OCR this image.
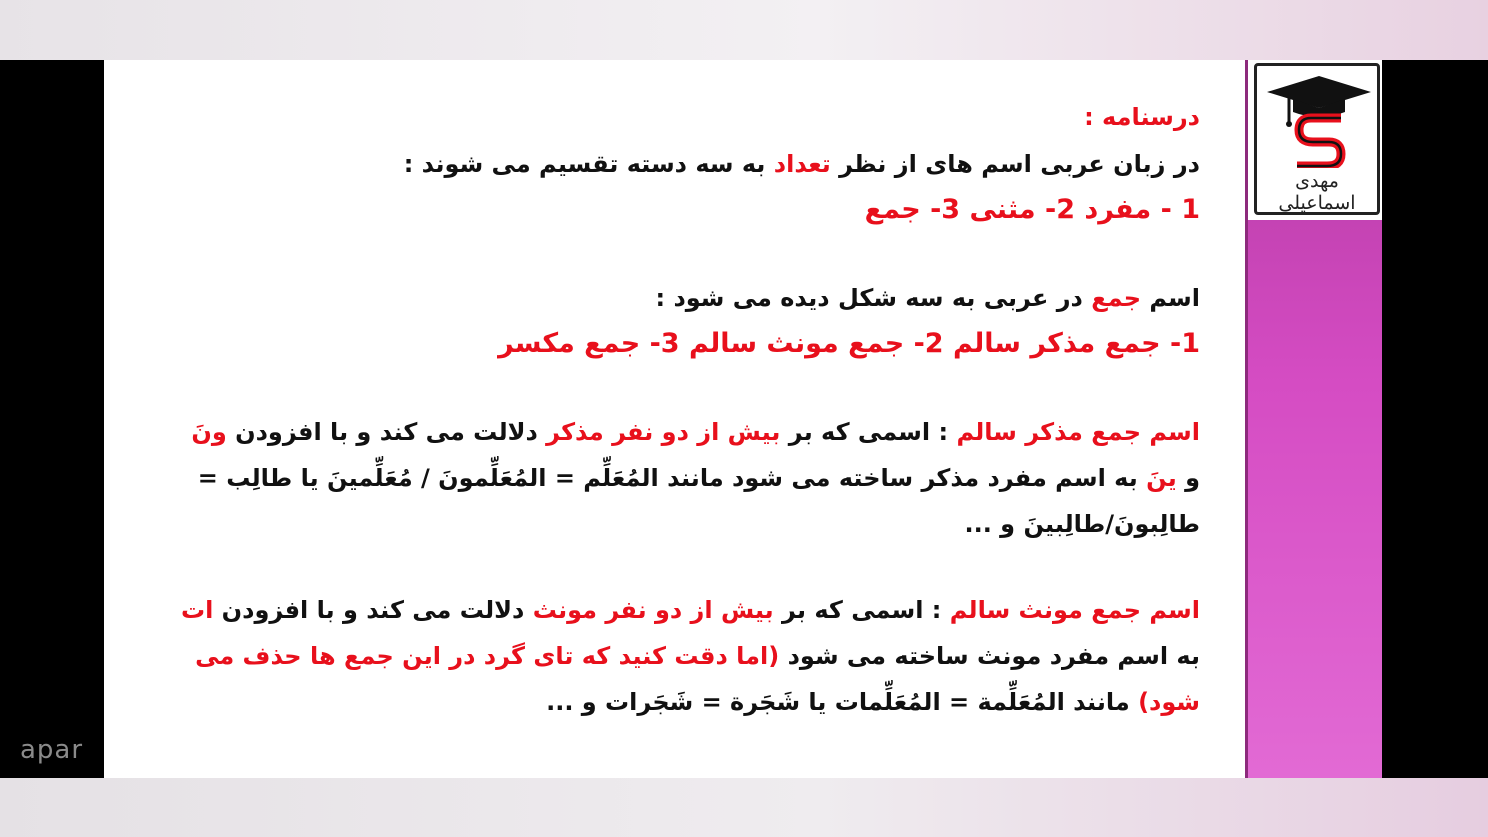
apar
مهدی اسماعیلی
درسنامه :
در زبان عربی اسم های از نظر تعداد به سه دسته تقسیم می شوند :
1 - مفرد 2- مثنی 3- جمع
اسم جمع در عربی به سه شکل دیده می شود :
1- جمع مذکر سالم 2- جمع مونث سالم 3- جمع مکسر
اسم جمع مذکر سالم : اسمی که بر بیش از دو نفر مذکر دلالت می کند و با افزودن ونَ
و ینَ به اسم مفرد مذکر ساخته می شود مانند المُعَلِّم = المُعَلِّمونَ / مُعَلِّمینَ یا طالِب =
طالِبونَ/طالِبینَ و ...
اسم جمع مونث سالم : اسمی که بر بیش از دو نفر مونث دلالت می کند و با افزودن ات
به اسم مفرد مونث ساخته می شود (اما دقت کنید که تای گرد در این جمع ها حذف می
شود) مانند المُعَلِّمة = المُعَلِّمات یا شَجَرة = شَجَرات و ...
